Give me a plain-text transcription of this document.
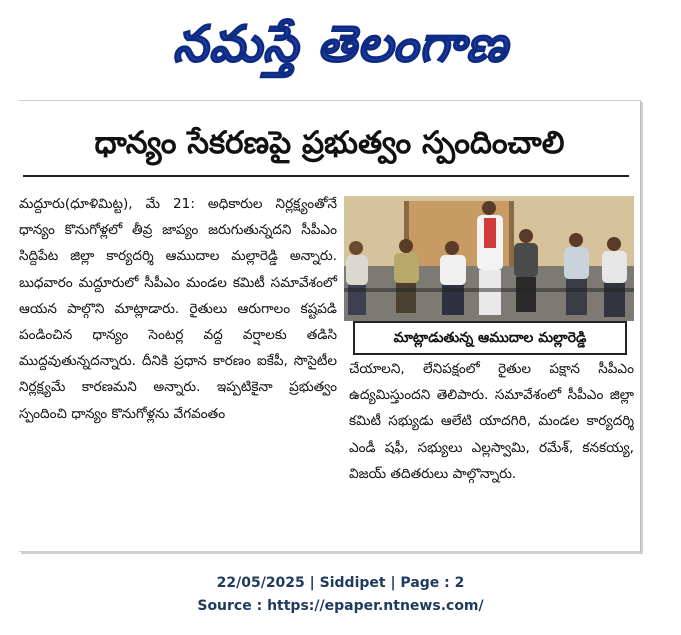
నమస్తే తెలంగాణ
ధాన్యం సేకరణపై ప్రభుత్వం స్పందించాలి

మద్దూరు(ధూళిమిట్ట), మే 21: అధికారుల నిర్లక్ష్యంతోనే ధాన్యం కొనుగోళ్లలో తీవ్ర జాప్యం జరుగుతున్నదని సీపీఎం సిద్దిపేట జిల్లా కార్యదర్శి ఆముదాల మల్లారెడ్డి అన్నారు. బుధవారం మద్దూరులో సీపీఎం మండల కమిటీ సమావేశంలో ఆయన పాల్గొని మాట్లాడారు. రైతులు ఆరుగాలం కష్టపడి పండించిన ధాన్యం సెంటర్ల వద్ద వర్షాలకు తడిసి ముద్దవుతున్నదన్నారు. దీనికి ప్రధాన కారణం ఐకేపీ, సొసైటీల నిర్లక్ష్యమే కారణమని అన్నారు. ఇప్పటికైనా ప్రభుత్వం స్పందించి ధాన్యం కొనుగోళ్లను వేగవంతం

మాట్లాడుతున్న ఆముదాల మల్లారెడ్డి

చేయాలని, లేనిపక్షంలో రైతుల పక్షాన సీపీఎం ఉద్యమిస్తుందని తెలిపారు. సమావేశంలో సీపీఎం జిల్లా కమిటీ సభ్యుడు ఆలేటి యాదగిరి, మండల కార్యదర్శి ఎండీ షఫీ, సభ్యులు ఎల్లస్వామి, రమేశ్, కనకయ్య, విజయ్ తదితరులు పాల్గొన్నారు.

22/05/2025 | Siddipet | Page : 2
Source : https://epaper.ntnews.com/
